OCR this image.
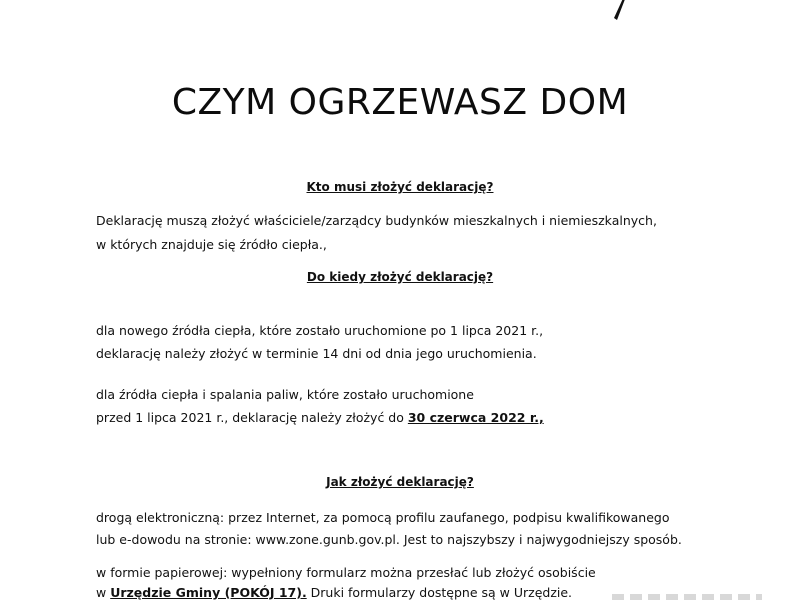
CZYM OGRZEWASZ DOM

Kto musi złożyć deklarację?

Deklarację muszą złożyć właściciele/zarządcy budynków mieszkalnych i niemieszkalnych,

w których znajduje się źródło ciepła.,

Do kiedy złożyć deklarację?

dla nowego źródła ciepła, które zostało uruchomione po 1 lipca 2021 r.,

deklarację należy złożyć w terminie 14 dni od dnia jego uruchomienia.

dla źródła ciepła i spalania paliw, które zostało uruchomione

przed 1 lipca 2021 r., deklarację należy złożyć do 30 czerwca 2022 r.,

Jak złożyć deklarację?

drogą elektroniczną: przez Internet, za pomocą profilu zaufanego, podpisu kwalifikowanego

lub e-dowodu na stronie: www.zone.gunb.gov.pl. Jest to najszybszy i najwygodniejszy sposób.

w formie papierowej: wypełniony formularz można przesłać lub złożyć osobiście

w Urzędzie Gminy (POKÓJ 17). Druki formularzy dostępne są w Urzędzie.
